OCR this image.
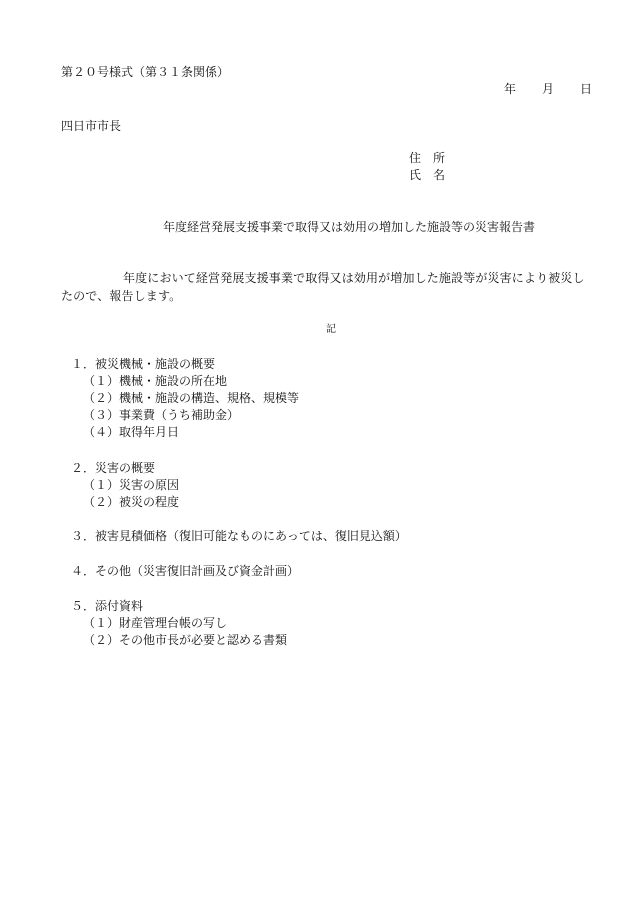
第２０号様式（第３１条関係）
年 月 日
四日市市長
住　所
氏　名
年度経営発展支援事業で取得又は効用の増加した施設等の災害報告書
年度において経営発展支援事業で取得又は効用が増加した施設等が災害により被災したので、報告します。
記
１．被災機械・施設の概要
（１）機械・施設の所在地
（２）機械・施設の構造、規格、規模等
（３）事業費（うち補助金）
（４）取得年月日
２．災害の概要
（１）災害の原因
（２）被災の程度
３．被害見積価格（復旧可能なものにあっては、復旧見込額）
４．その他（災害復旧計画及び資金計画）
５．添付資料
（１）財産管理台帳の写し
（２）その他市長が必要と認める書類
